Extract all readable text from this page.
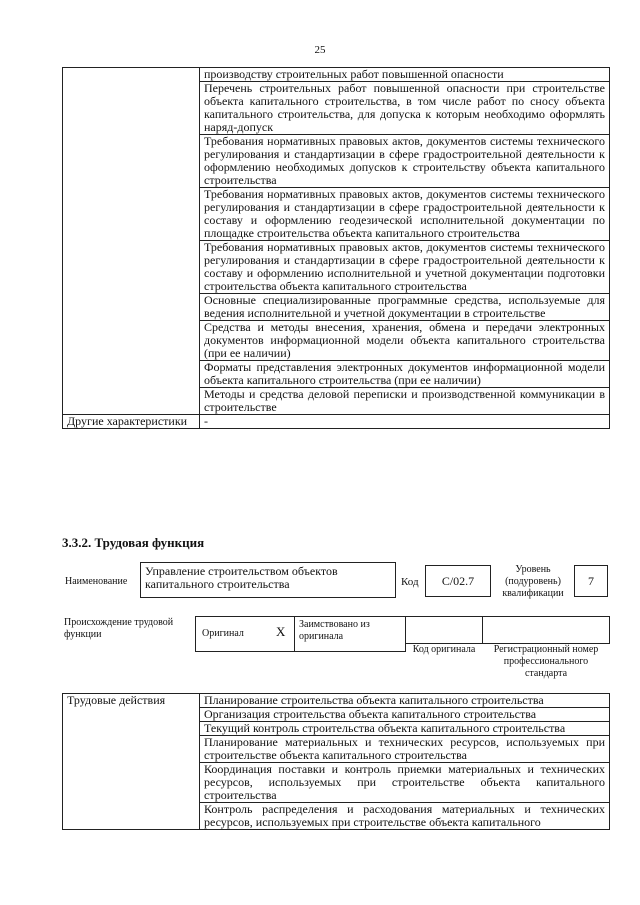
25
	производству строительных работ повышенной опасности
	Перечень строительных работ повышенной опасности при строительстве объекта капитального строительства, в том числе работ по сносу объекта капитального строительства, для допуска к которым необходимо оформлять наряд-допуск
	Требования нормативных правовых актов, документов системы технического регулирования и стандартизации в сфере градостроительной деятельности к оформлению необходимых допусков к строительству объекта капитального строительства
	Требования нормативных правовых актов, документов системы технического регулирования и стандартизации в сфере градостроительной деятельности к составу и оформлению геодезической исполнительной документации по площадке строительства объекта капитального строительства
	Требования нормативных правовых актов, документов системы технического регулирования и стандартизации в сфере градостроительной деятельности к составу и оформлению исполнительной и учетной документации подготовки строительства объекта капитального строительства
	Основные специализированные программные средства, используемые для ведения исполнительной и учетной документации в строительстве
	Средства и методы внесения, хранения, обмена и передачи электронных документов информационной модели объекта капитального строительства (при ее наличии)
	Форматы представления электронных документов информационной модели объекта капитального строительства (при ее наличии)
	Методы и средства деловой переписки и производственной коммуникации в строительстве
Другие характеристики	-
3.3.2. Трудовая функция
Наименование
Управление строительством объектов капитального строительства	Код	C/02.7
Уровень (подуровень) квалификации
7
Происхождение трудовой функции	Оригинал X Заимствовано из оригинала
Код оригинала	Регистрационный номер профессионального стандарта
Трудовые действия	Планирование строительства объекта капитального строительства
Организация строительства объекта капитального строительства
Текущий контроль строительства объекта капитального строительства
Планирование материальных и технических ресурсов, используемых при строительстве объекта капитального строительства
Координация поставки и контроль приемки материальных и технических ресурсов, используемых при строительстве объекта капитального строительства
Контроль распределения и расходования материальных и технических ресурсов, используемых при строительстве объекта капитального
